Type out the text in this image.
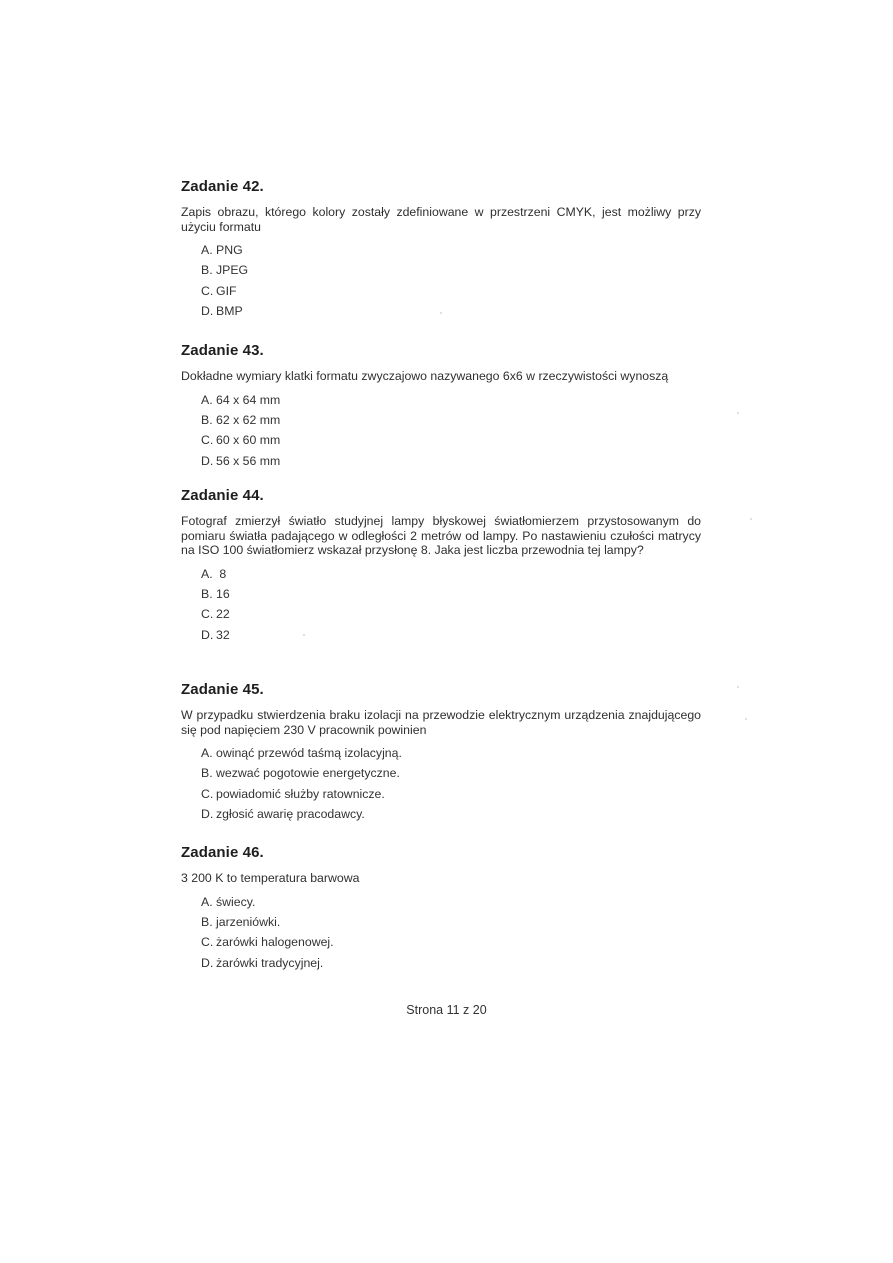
Zadanie 42.

Zapis obrazu, którego kolory zostały zdefiniowane w przestrzeni CMYK, jest możliwy przy użyciu formatu

A. PNG
B. JPEG
C. GIF
D. BMP
Zadanie 43.

Dokładne wymiary klatki formatu zwyczajowo nazywanego 6x6 w rzeczywistości wynoszą

A. 64 x 64 mm
B. 62 x 62 mm
C. 60 x 60 mm
D. 56 x 56 mm
Zadanie 44.

Fotograf zmierzył światło studyjnej lampy błyskowej światłomierzem przystosowanym do pomiaru światła padającego w odległości 2 metrów od lampy. Po nastawieniu czułości matrycy na ISO 100 światłomierz wskazał przysłonę 8. Jaka jest liczba przewodnia tej lampy?

A. 8
B. 16
C. 22
D. 32
Zadanie 45.

W przypadku stwierdzenia braku izolacji na przewodzie elektrycznym urządzenia znajdującego się pod napięciem 230 V pracownik powinien

A. owinąć przewód taśmą izolacyjną.
B. wezwać pogotowie energetyczne.
C. powiadomić służby ratownicze.
D. zgłosić awarię pracodawcy.
Zadanie 46.

3 200 K to temperatura barwowa

A. świecy.
B. jarzeniówki.
C. żarówki halogenowej.
D. żarówki tradycyjnej.
Strona 11 z 20
